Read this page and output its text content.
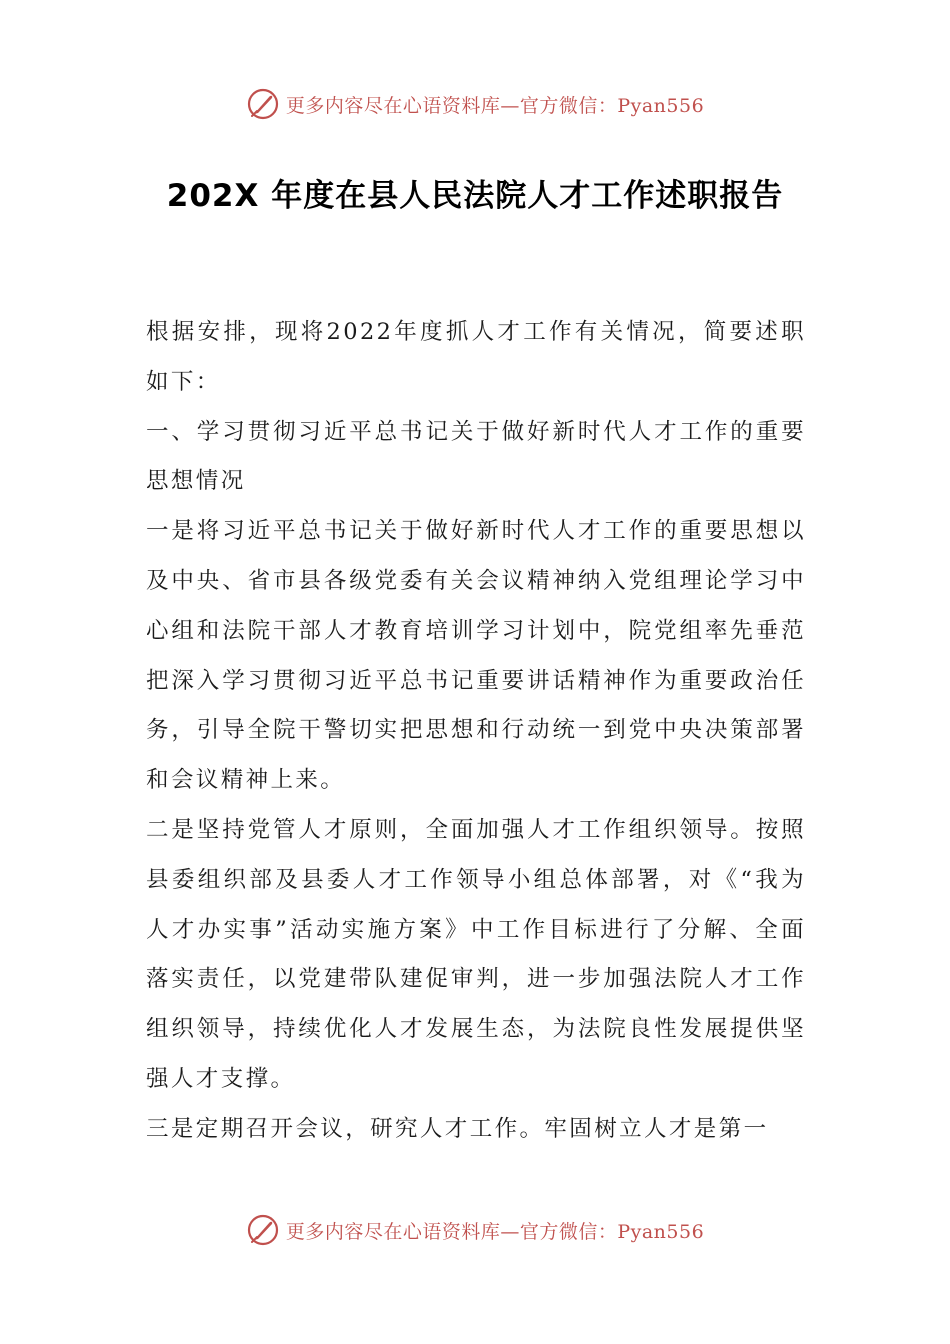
更多内容尽在心语资料库—官方微信：Pyan556
202X 年度在县人民法院人才工作述职报告

根据安排，现将2022年度抓人才工作有关情况，简要述职如下：

一、学习贯彻习近平总书记关于做好新时代人才工作的重要思想情况

一是将习近平总书记关于做好新时代人才工作的重要思想以及中央、省市县各级党委有关会议精神纳入党组理论学习中心组和法院干部人才教育培训学习计划中，院党组率先垂范把深入学习贯彻习近平总书记重要讲话精神作为重要政治任务，引导全院干警切实把思想和行动统一到党中央决策部署和会议精神上来。

二是坚持党管人才原则，全面加强人才工作组织领导。按照县委组织部及县委人才工作领导小组总体部署，对《“我为人才办实事”活动实施方案》中工作目标进行了分解、全面落实责任，以党建带队建促审判，进一步加强法院人才工作组织领导，持续优化人才发展生态，为法院良性发展提供坚强人才支撑。

三是定期召开会议，研究人才工作。牢固树立人才是第一

更多内容尽在心语资料库—官方微信：Pyan556
